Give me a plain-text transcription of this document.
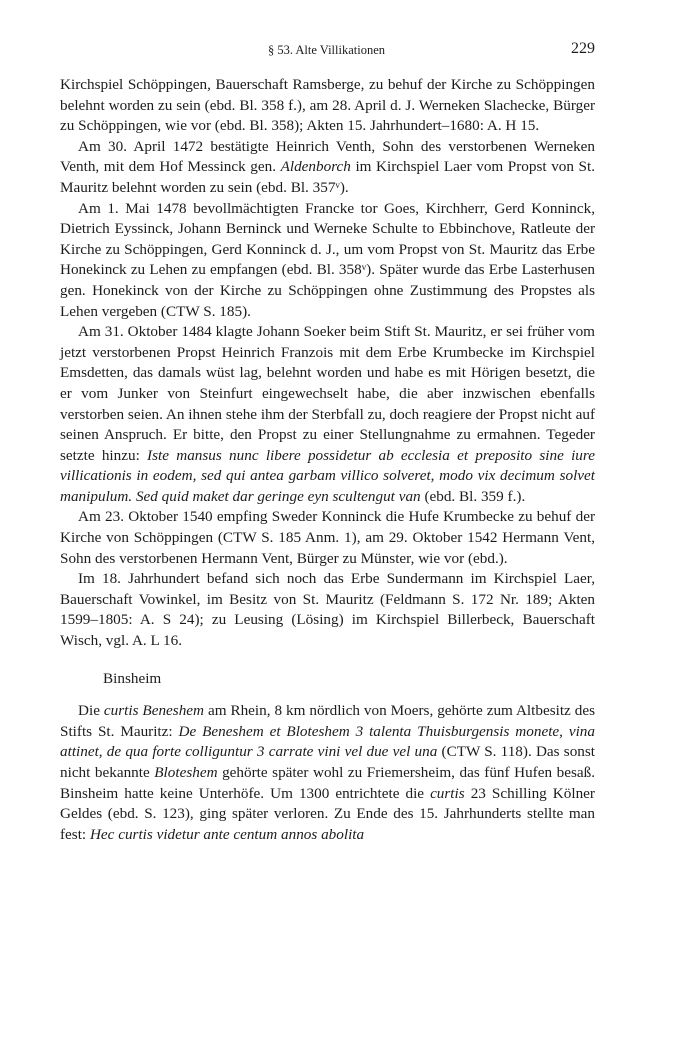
§ 53. Alte Villikationen	229

Kirchspiel Schöppingen, Bauerschaft Ramsberge, zu behuf der Kirche zu Schöppingen belehnt worden zu sein (ebd. Bl. 358 f.), am 28. April d. J. Werneken Slachecke, Bürger zu Schöppingen, wie vor (ebd. Bl. 358); Akten 15. Jahrhundert–1680: A. H 15.

Am 30. April 1472 bestätigte Heinrich Venth, Sohn des verstorbenen Werneken Venth, mit dem Hof Messinck gen. Aldenborch im Kirchspiel Laer vom Propst von St. Mauritz belehnt worden zu sein (ebd. Bl. 357ᵛ).

Am 1. Mai 1478 bevollmächtigten Francke tor Goes, Kirchherr, Gerd Konninck, Dietrich Eyssinck, Johann Berninck und Werneke Schulte to Ebbinchove, Ratleute der Kirche zu Schöppingen, Gerd Konninck d. J., um vom Propst von St. Mauritz das Erbe Honekinck zu Lehen zu empfangen (ebd. Bl. 358ᵛ). Später wurde das Erbe Lasterhusen gen. Honekinck von der Kirche zu Schöppingen ohne Zustimmung des Propstes als Lehen vergeben (CTW S. 185).

Am 31. Oktober 1484 klagte Johann Soeker beim Stift St. Mauritz, er sei früher vom jetzt verstorbenen Propst Heinrich Franzois mit dem Erbe Krumbecke im Kirchspiel Emsdetten, das damals wüst lag, belehnt worden und habe es mit Hörigen besetzt, die er vom Junker von Steinfurt eingewechselt habe, die aber inzwischen ebenfalls verstorben seien. An ihnen stehe ihm der Sterbfall zu, doch reagiere der Propst nicht auf seinen Anspruch. Er bitte, den Propst zu einer Stellungnahme zu ermahnen. Tegeder setzte hinzu: Iste mansus nunc libere possidetur ab ecclesia et preposito sine iure villicationis in eodem, sed qui antea garbam villico solveret, modo vix decimum solvet manipulum. Sed quid maket dar geringe eyn scultengut van (ebd. Bl. 359 f.).

Am 23. Oktober 1540 empfing Sweder Konninck die Hufe Krumbecke zu behuf der Kirche von Schöppingen (CTW S. 185 Anm. 1), am 29. Oktober 1542 Hermann Vent, Sohn des verstorbenen Hermann Vent, Bürger zu Münster, wie vor (ebd.).

Im 18. Jahrhundert befand sich noch das Erbe Sundermann im Kirchspiel Laer, Bauerschaft Vowinkel, im Besitz von St. Mauritz (Feldmann S. 172 Nr. 189; Akten 1599–1805: A. S 24); zu Leusing (Lösing) im Kirchspiel Billerbeck, Bauerschaft Wisch, vgl. A. L 16.

Binsheim

Die curtis Beneshem am Rhein, 8 km nördlich von Moers, gehörte zum Altbesitz des Stifts St. Mauritz: De Beneshem et Bloteshem 3 talenta Thuisburgensis monete, vina attinet, de qua forte colliguntur 3 carrate vini vel due vel una (CTW S. 118). Das sonst nicht bekannte Bloteshem gehörte später wohl zu Friemersheim, das fünf Hufen besaß. Binsheim hatte keine Unterhöfe. Um 1300 entrichtete die curtis 23 Schilling Kölner Geldes (ebd. S. 123), ging später verloren. Zu Ende des 15. Jahrhunderts stellte man fest: Hec curtis videtur ante centum annos abolita
